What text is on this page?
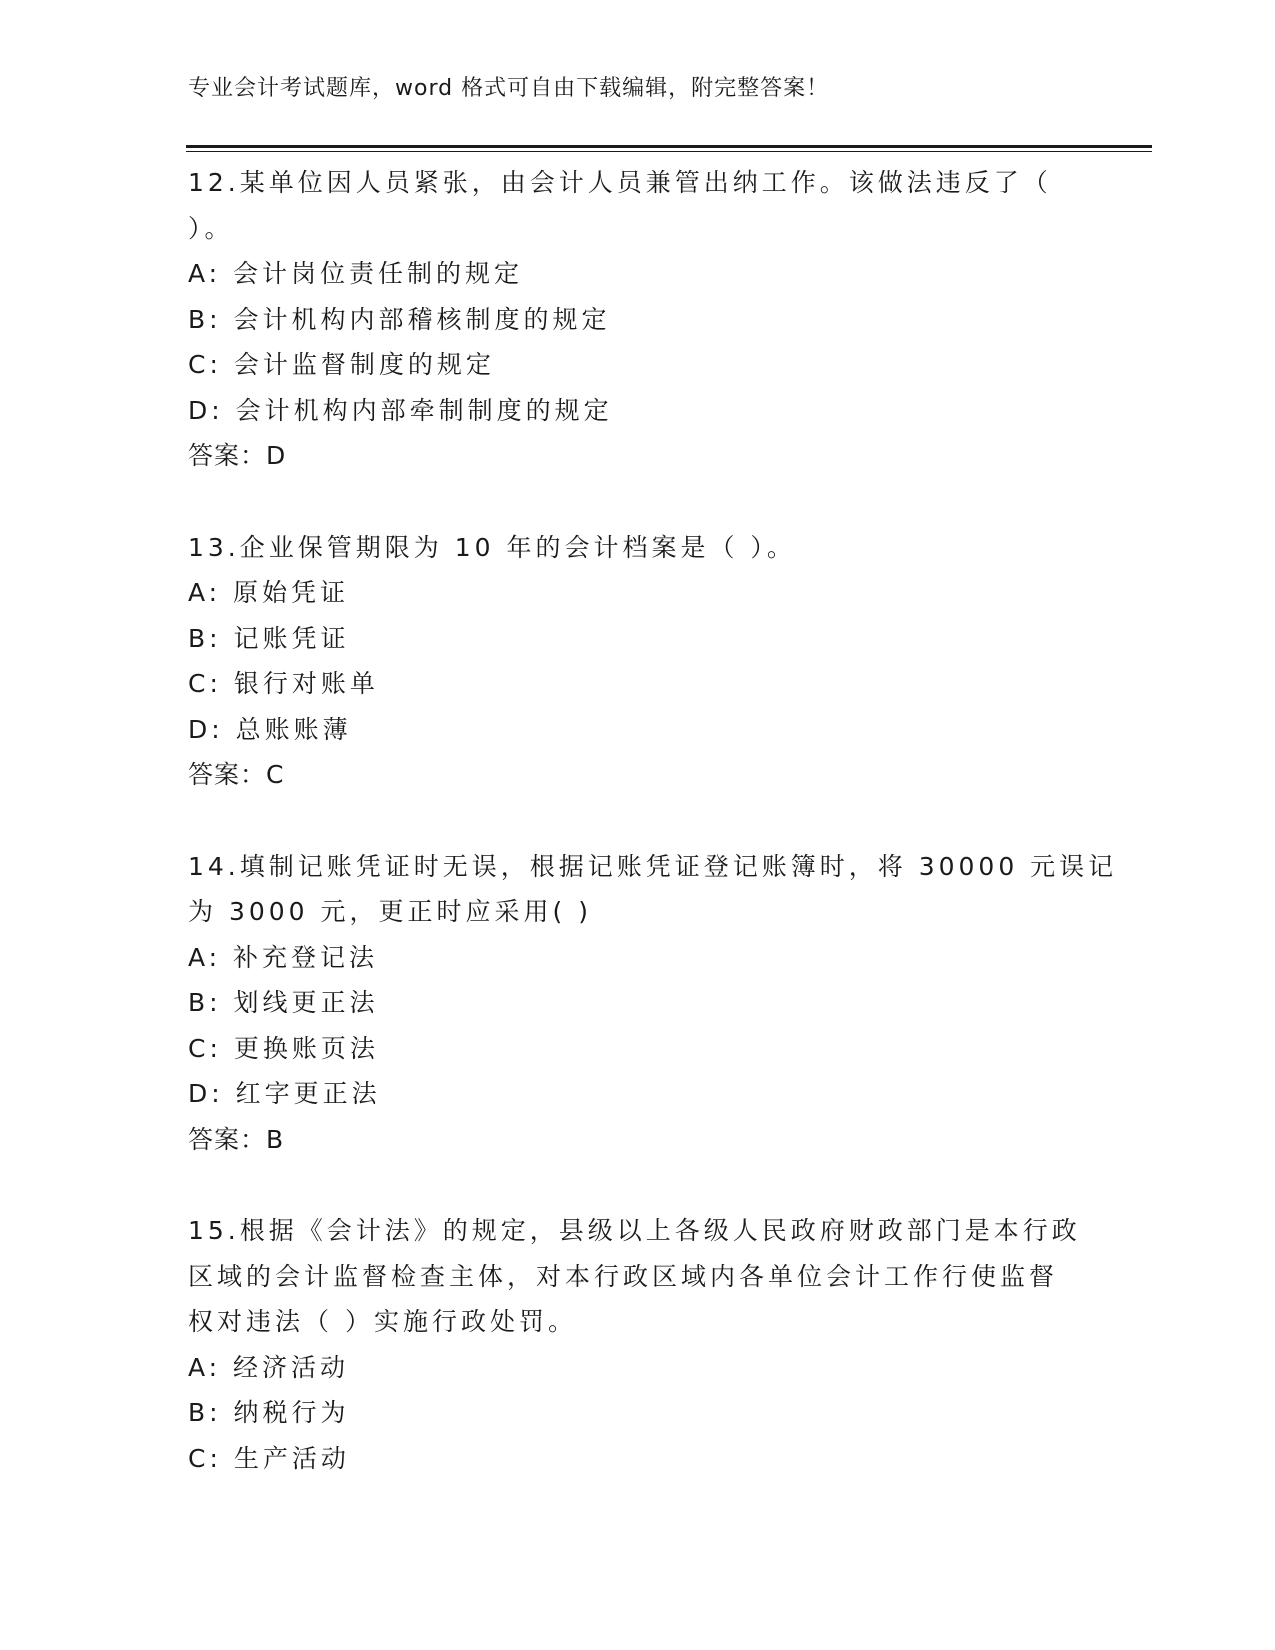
专业会计考试题库，word 格式可自由下载编辑，附完整答案！
12.某单位因人员紧张，由会计人员兼管出纳工作。该做法违反了（
）。
A: 会计岗位责任制的规定
B: 会计机构内部稽核制度的规定
C: 会计监督制度的规定
D: 会计机构内部牵制制度的规定
答案：D
13.企业保管期限为 10 年的会计档案是（ ）。
A: 原始凭证
B: 记账凭证
C: 银行对账单
D: 总账账薄
答案：C
14.填制记账凭证时无误，根据记账凭证登记账簿时，将 30000 元误记
为 3000 元，更正时应采用( )
A: 补充登记法
B: 划线更正法
C: 更换账页法
D: 红字更正法
答案：B
15.根据《会计法》的规定，县级以上各级人民政府财政部门是本行政
区域的会计监督检查主体，对本行政区域内各单位会计工作行使监督
权对违法（ ）实施行政处罚。
A: 经济活动
B: 纳税行为
C: 生产活动
